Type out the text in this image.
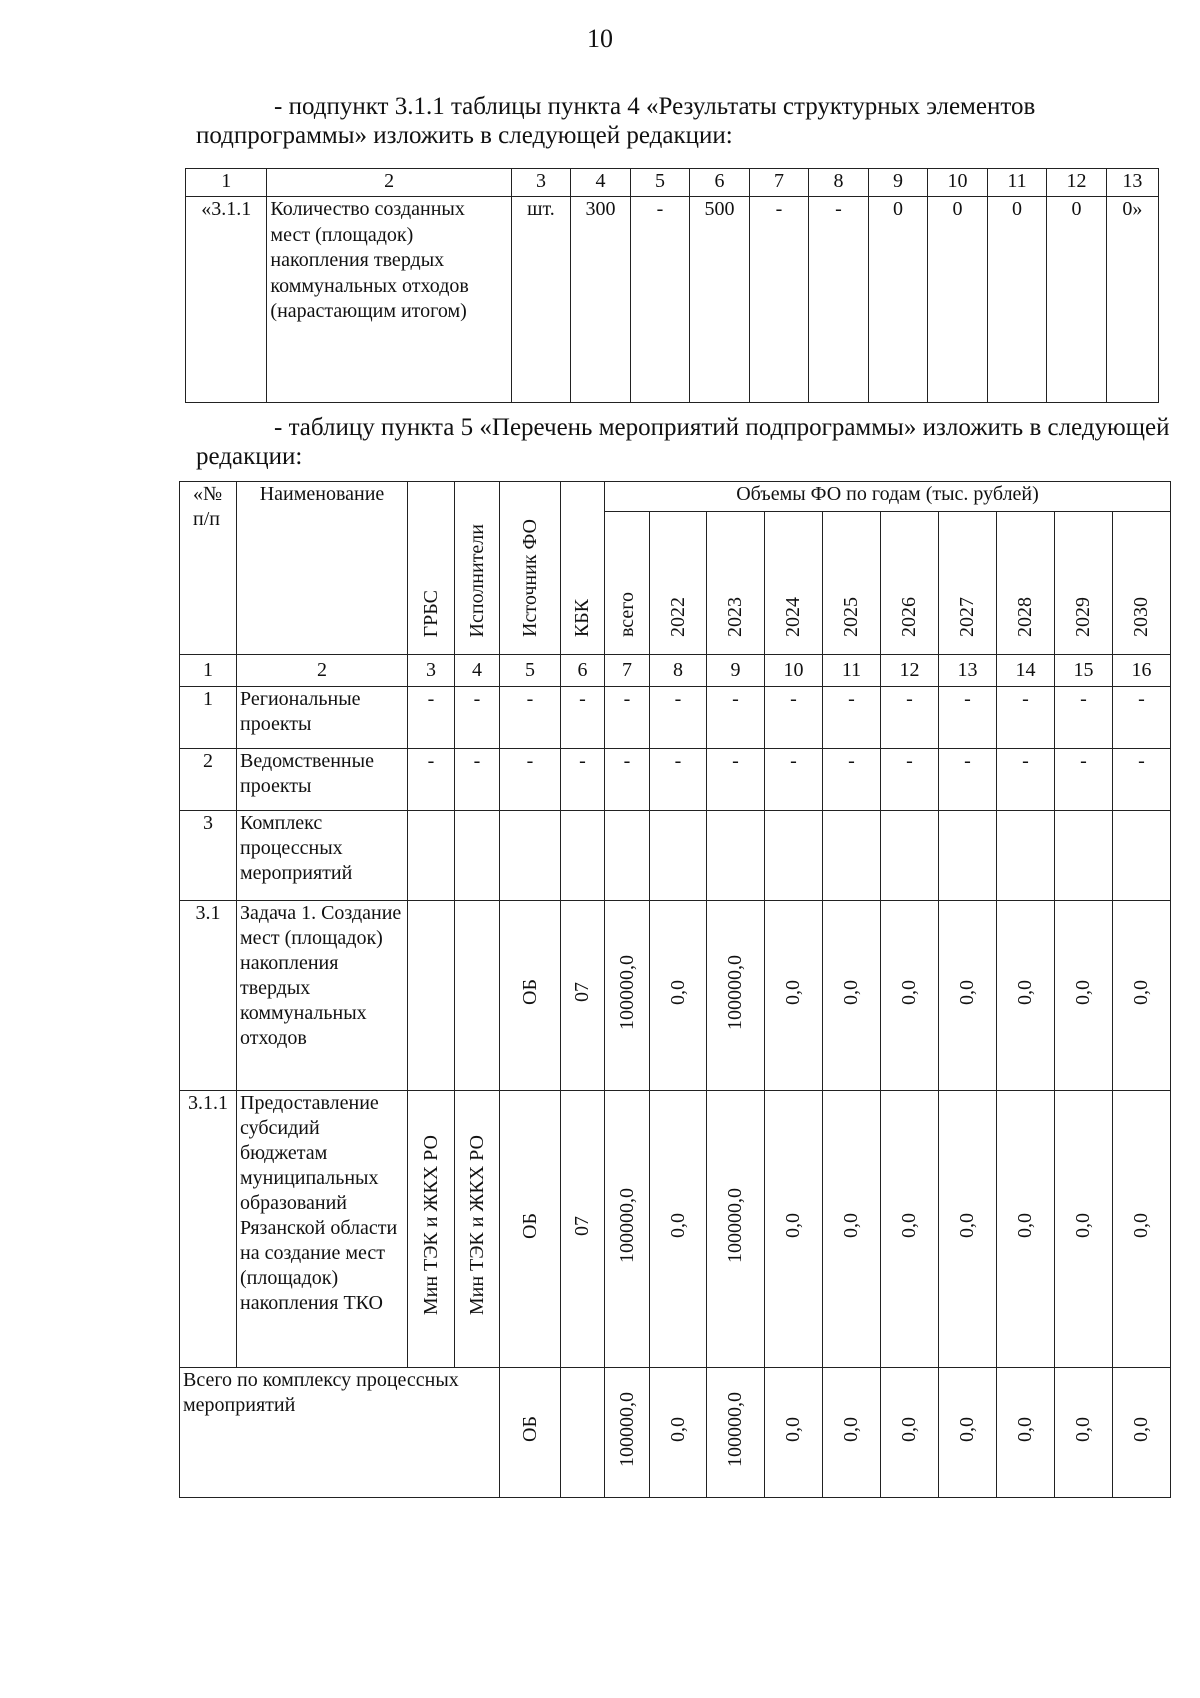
10
- подпункт 3.1.1 таблицы пункта 4 «Результаты структурных элементов подпрограммы» изложить в следующей редакции:
1	2	3	4	5	6	7	8	9	10	11	12	13
«3.1.1	Количество созданных мест (площадок) накопления твердых коммунальных отходов (нарастающим итогом)	шт.	300	-	500	-	-	0	0	0	0	0»
- таблицу пункта 5 «Перечень мероприятий подпрограммы» изложить в следующей редакции:
«№ п/п	Наименование	ГРБС	Исполнители	Источник ФО	КБК	Объемы ФО по годам (тыс. рублей)									
						всего	2022	2023	2024	2025	2026	2027	2028	2029	2030
1	2	3	4	5	6	7	8	9	10	11	12	13	14	15	16
1	Региональные проекты	-	-	-	-	-	-	-	-	-	-	-	-	-	-
2	Ведомственные проекты	-	-	-	-	-	-	-	-	-	-	-	-	-	-
3	Комплекс процессных мероприятий														
3.1	Задача 1. Создание мест (площадок) накопления твердых коммунальных отходов			ОБ	07	100000,0	0,0	100000,0	0,0	0,0	0,0	0,0	0,0	0,0	0,0
3.1.1	Предоставление субсидий бюджетам муниципальных образований Рязанской области на создание мест (площадок) накопления ТКО	Мин ТЭК и ЖКХ РО	Мин ТЭК и ЖКХ РО	ОБ	07	100000,0	0,0	100000,0	0,0	0,0	0,0	0,0	0,0	0,0	0,0
Всего по комплексу процессных мероприятий				ОБ		100000,0	0,0	100000,0	0,0	0,0	0,0	0,0	0,0	0,0	0,0
